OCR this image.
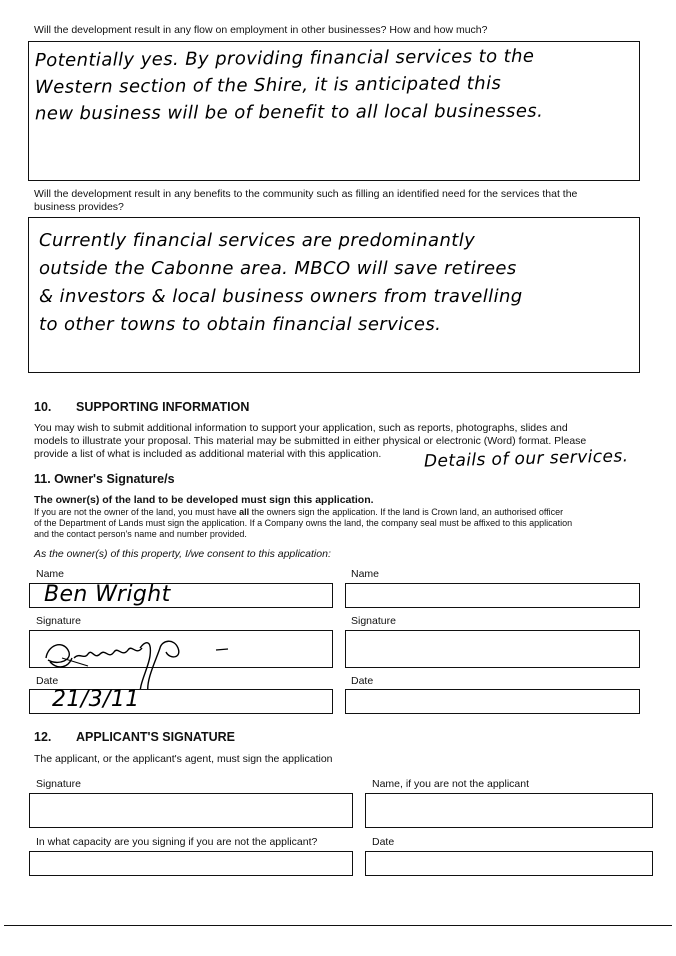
Will the development result in any flow on employment in other businesses? How and how much?
Potentially yes. By providing financial services to the
Western section of the Shire, it is anticipated this
new business will be of benefit to all local businesses.
Will the development result in any benefits to the community such as filling an identified need for the services that the
business provides?
Currently financial services are predominantly
outside the Cabonne area. MBCO will save retirees
& investors & local business owners from travelling
to other towns to obtain financial services.
10. SUPPORTING INFORMATION
You may wish to submit additional information to support your application, such as reports, photographs, slides and
models to illustrate your proposal. This material may be submitted in either physical or electronic (Word) format. Please
provide a list of what is included as additional material with this application. Details of our services.
11. Owner's Signature/s
The owner(s) of the land to be developed must sign this application.
If you are not the owner of the land, you must have all the owners sign the application. If the land is Crown land, an authorised officer
of the Department of Lands must sign the application. If a Company owns the land, the company seal must be affixed to this application
and the contact person's name and number provided.
As the owner(s) of this property, I/we consent to this application:
Name
Ben Wright
Signature
Date
21/3/11
Name
Signature
Date
12. APPLICANT'S SIGNATURE
The applicant, or the applicant's agent, must sign the application
Signature	Name, if you are not the applicant
In what capacity are you signing if you are not the applicant?	Date
